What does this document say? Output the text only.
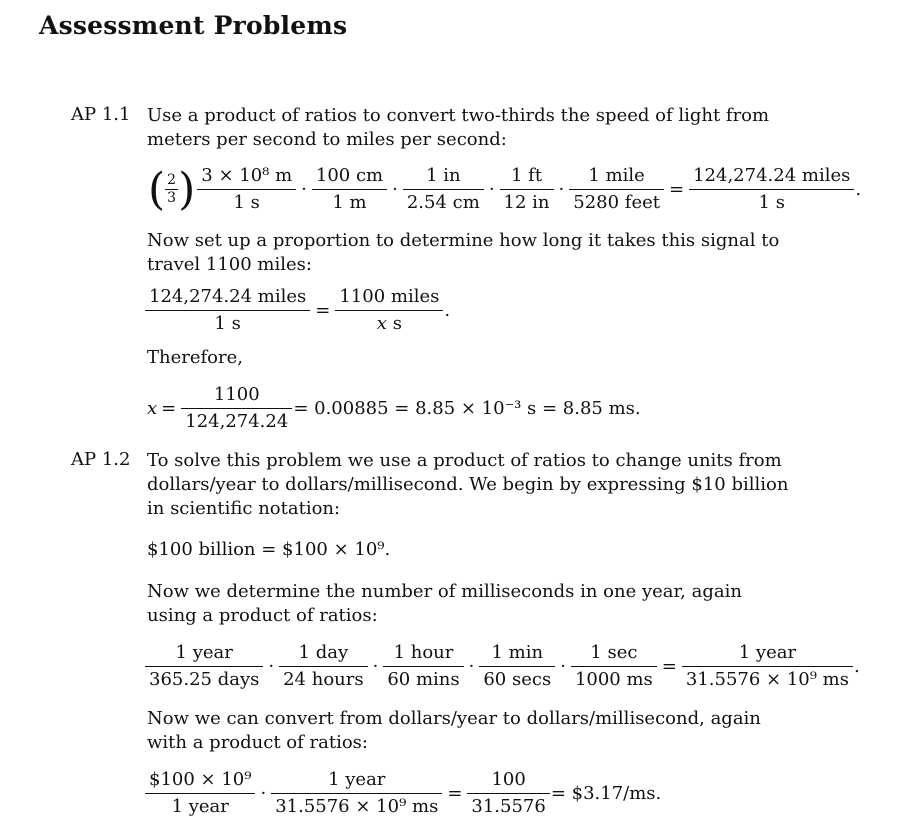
Assessment Problems
AP 1.1 Use a product of ratios to convert two-thirds the speed of light from meters per second to miles per second:
( $\frac{2}{3}$ ) $\frac{\text{3 × 10⁸ m}}{1 s} \cdot \frac{100 cm}{1 m} \cdot \frac{1 in}{2.54 cm} \cdot \frac{1 ft}{12 in} \cdot \frac{\text{1 mile}}{\text{5280 feet}} = \frac{\text{124,274.24 miles}}{1 s}$ .
Now set up a proportion to determine how long it takes this signal to travel 1100 miles:
$\frac{\text{124,274.24 miles}}{1 s} = \frac{\text{1100 miles}}{\text{x s}}$ .
Therefore,
$x = \frac{1100}{124,274.24} = 0.00885 = 8.85 \times 10^{-3}$ s = 8.85 ms.
AP 1.2 To solve this problem we use a product of ratios to change units from dollars/year to dollars/millisecond. We begin by expressing $10 billion in scientific notation:
$100 billion = $100 × 10⁹.
Now we determine the number of milliseconds in one year, again using a product of ratios:
$\frac{\text{1 year}}{\text{365.25 days}} \cdot \frac{\text{1 day}}{\text{24 hours}} \cdot \frac{\text{1 hour}}{60 \min s} \cdot \frac{1 \min}{60 \sec s} \cdot \frac{1 \sec}{1000 ms} = \frac{\text{1 year}}{\text{31.5576 × 10⁹ ms}}$ .
Now we can convert from dollars/year to dollars/millisecond, again with a product of ratios:
$\frac{\text{\$100 × 10⁹}}{\text{1 year}} \cdot \frac{\text{1 year}}{\text{31.5576 × 10⁹ ms}} = \frac{100}{31.5576}$ = $3.17/ms.
